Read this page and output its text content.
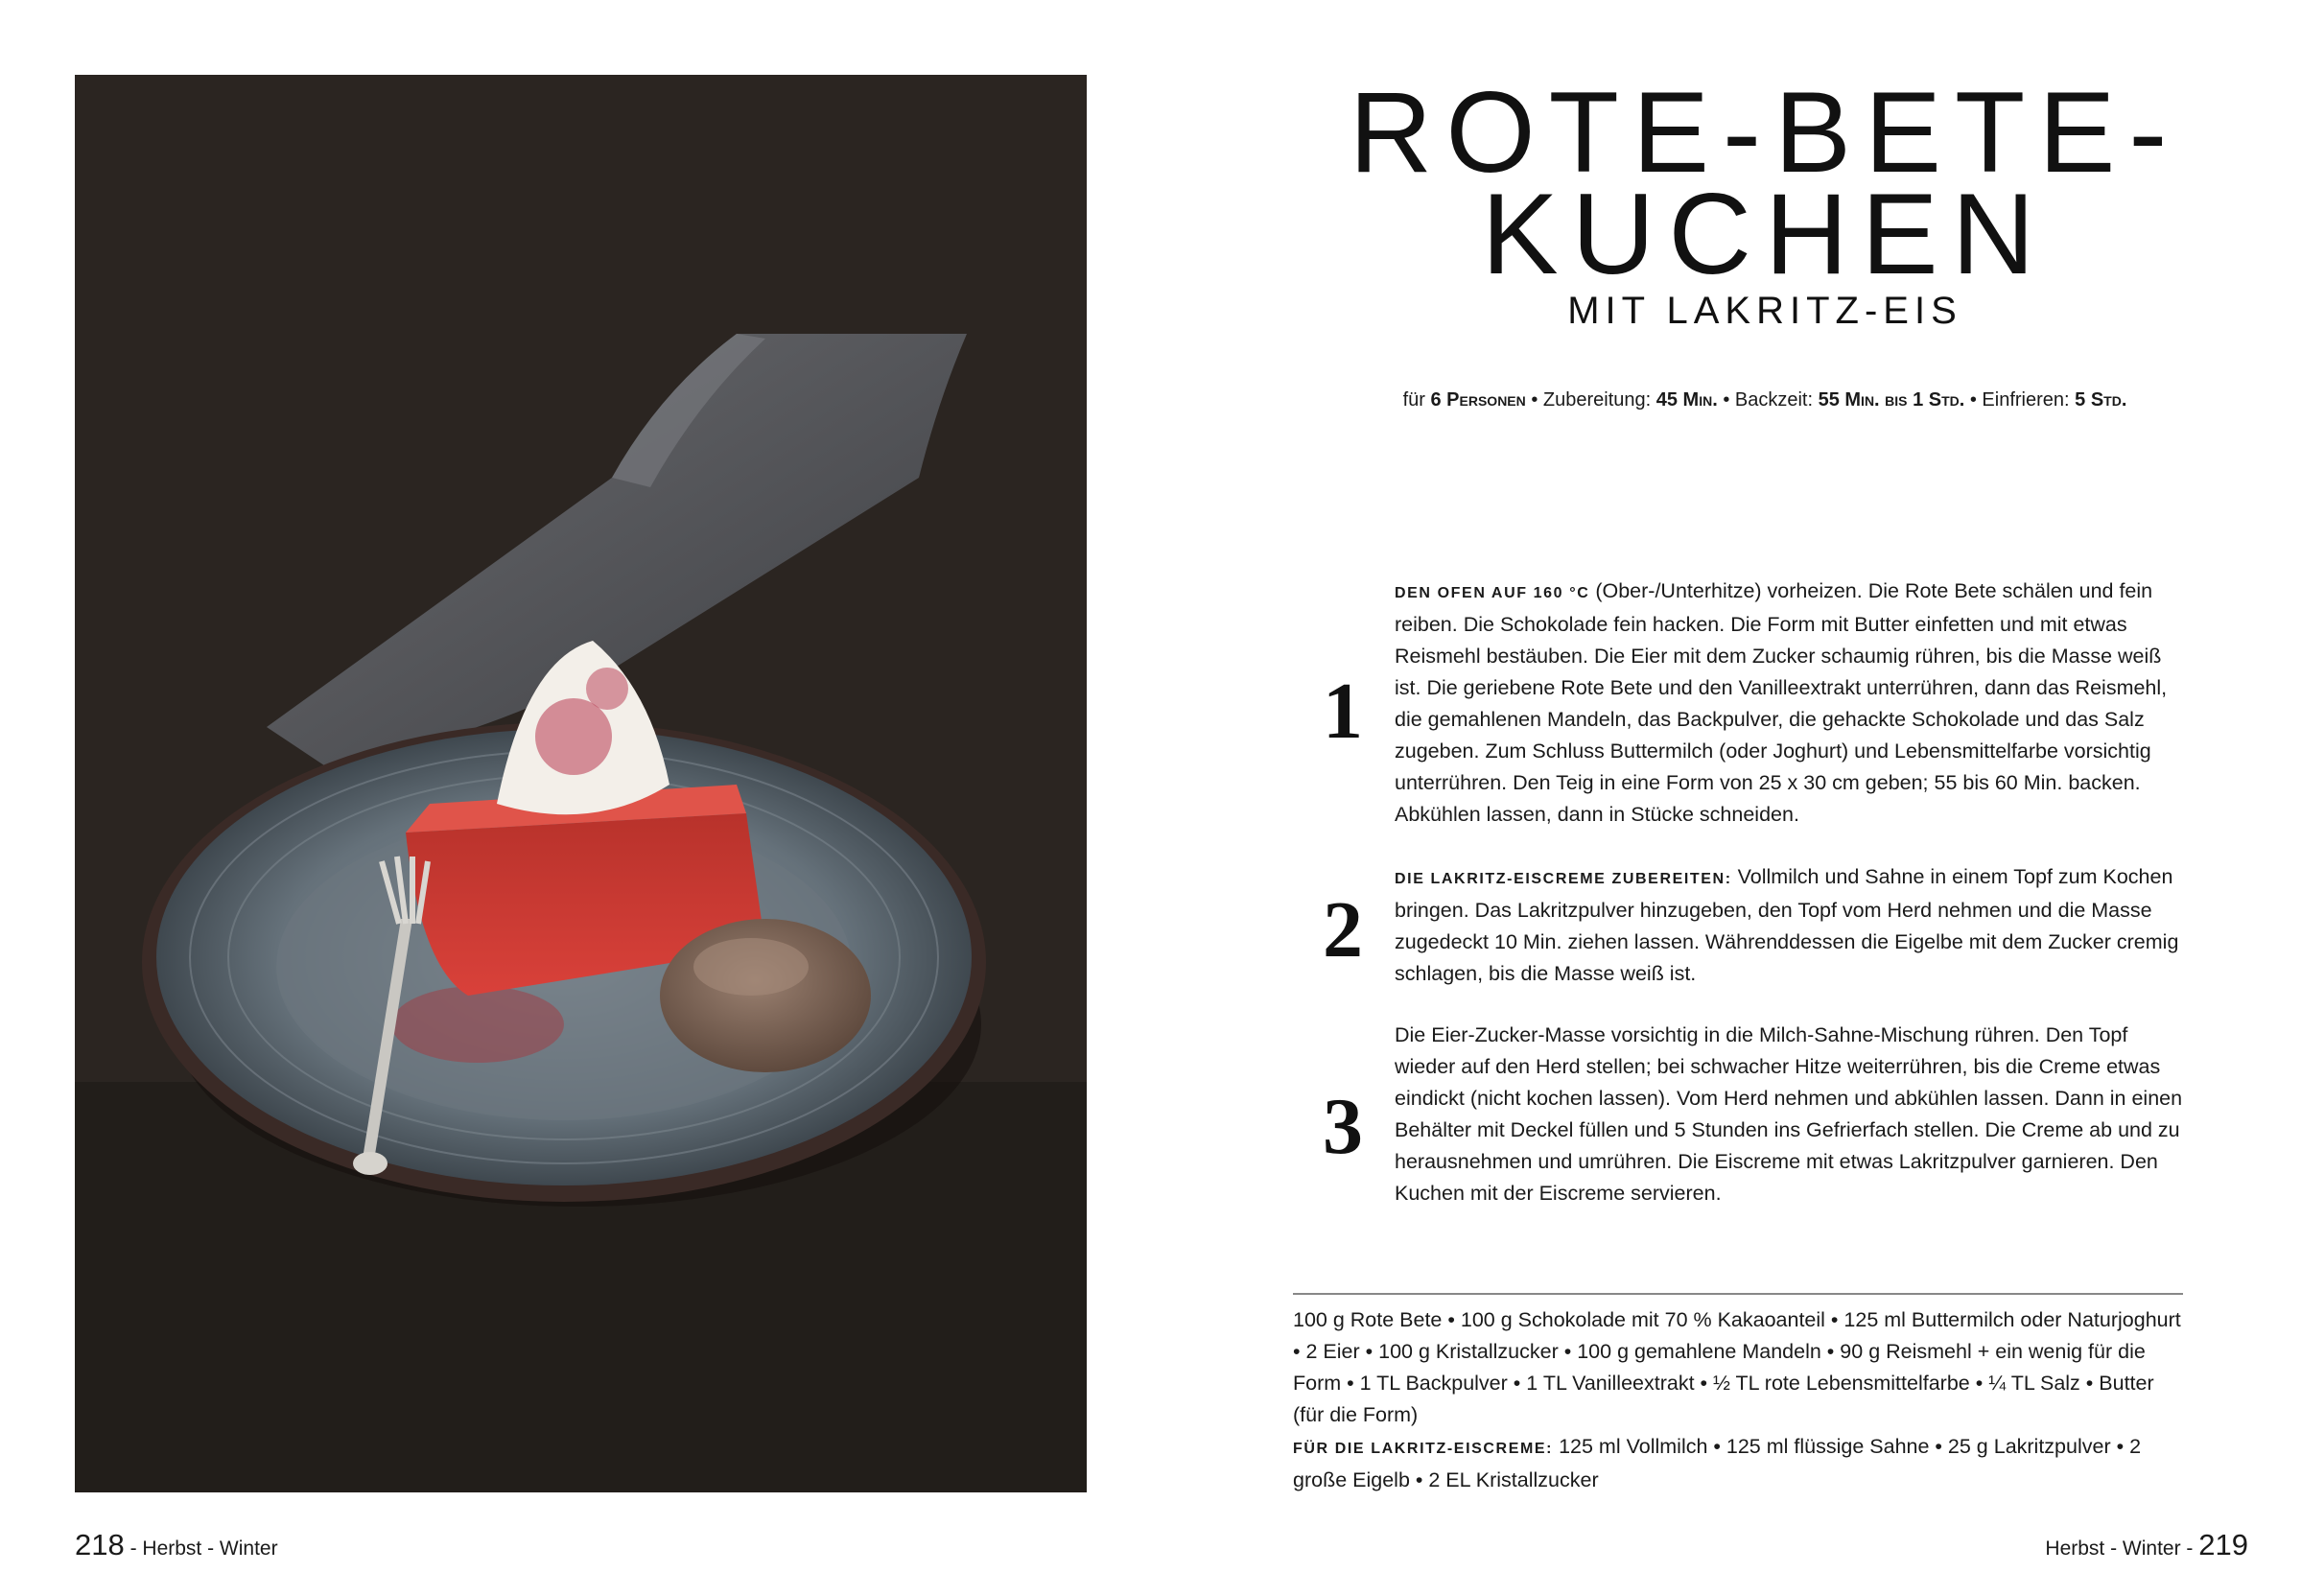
218 - Herbst - Winter
ROTE-BETE-
KUCHEN
MIT LAKRITZ-EIS
für 6 Personen • Zubereitung: 45 Min. • Backzeit: 55 Min. bis 1 Std. • Einfrieren: 5 Std.
1
DEN OFEN AUF 160 °C (Ober-/Unterhitze) vorheizen. Die Rote Bete schälen und fein reiben. Die Schokolade fein hacken. Die Form mit Butter einfetten und mit etwas Reismehl bestäuben. Die Eier mit dem Zucker schaumig rühren, bis die Masse weiß ist. Die geriebene Rote Bete und den Vanilleextrakt unterrühren, dann das Reismehl, die gemahlenen Mandeln, das Backpulver, die gehackte Schokolade und das Salz zugeben. Zum Schluss Buttermilch (oder Joghurt) und Lebensmittelfarbe vorsichtig unterrühren. Den Teig in eine Form von 25 x 30 cm geben; 55 bis 60 Min. backen. Abkühlen lassen, dann in Stücke schneiden.
2
DIE LAKRITZ-EISCREME ZUBEREITEN: Vollmilch und Sahne in einem Topf zum Kochen bringen. Das Lakritzpulver hinzugeben, den Topf vom Herd nehmen und die Masse zugedeckt 10 Min. ziehen lassen. Währenddessen die Eigelbe mit dem Zucker cremig schlagen, bis die Masse weiß ist.
3
Die Eier-Zucker-Masse vorsichtig in die Milch-Sahne-Mischung rühren. Den Topf wieder auf den Herd stellen; bei schwacher Hitze weiterrühren, bis die Creme etwas eindickt (nicht kochen lassen). Vom Herd nehmen und abkühlen lassen. Dann in einen Behälter mit Deckel füllen und 5 Stunden ins Gefrierfach stellen. Die Creme ab und zu herausnehmen und umrühren. Die Eiscreme mit etwas Lakritzpulver garnieren. Den Kuchen mit der Eiscreme servieren.

100 g Rote Bete • 100 g Schokolade mit 70 % Kakaoanteil • 125 ml Buttermilch oder Naturjoghurt • 2 Eier • 100 g Kristallzucker • 100 g gemahlene Mandeln • 90 g Reismehl + ein wenig für die Form • 1 TL Backpulver • 1 TL Vanilleextrakt • ½ TL rote Lebensmittelfarbe • ¼ TL Salz • Butter (für die Form)

FÜR DIE LAKRITZ-EISCREME: 125 ml Vollmilch • 125 ml flüssige Sahne • 25 g Lakritzpulver • 2 große Eigelb • 2 EL Kristallzucker

Herbst - Winter - 219
